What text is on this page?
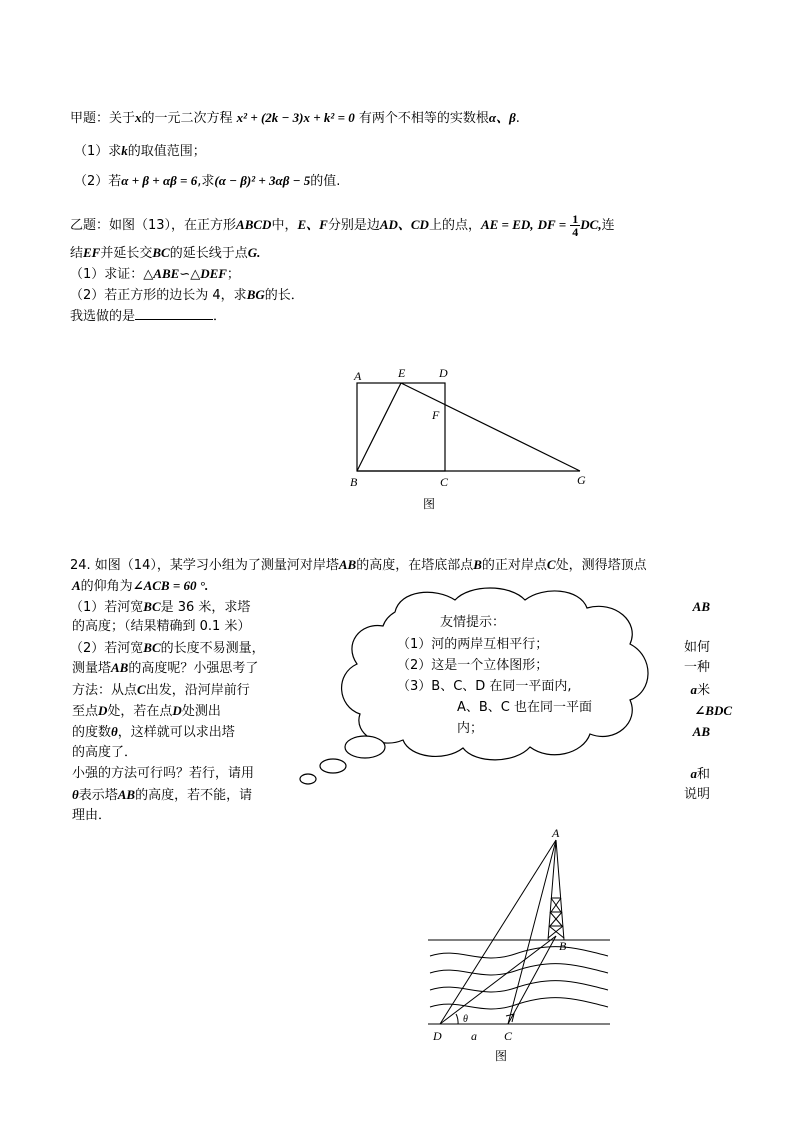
甲题：关于x的一元二次方程 x² + (2k − 3)x + k² = 0 有两个不相等的实数根α、β.
（1）求k的取值范围；
（2）若α + β + αβ = 6,求(α − β)² + 3αβ − 5的值.
乙题：如图（13），在正方形ABCD中，E、F分别是边AD、CD上的点，AE = ED, DF = $\frac{1}{4}$ DC,连
结EF并延长交BC的延长线于点G.
（1）求证：△ABE∽△DEF；
（2）若正方形的边长为 4，求BG的长．
我选做的是	．
A	E	D
F
B	C	G
图
24. 如图（14），某学习小组为了测量河对岸塔AB的高度，在塔底部点B的正对岸点C处，测得塔顶点
A的仰角为∠ACB = 60 °.
（1）若河宽BC是 36 米，求塔
的高度；（结果精确到 0.1 米）
（2）若河宽BC的长度不易测量，
测量塔AB的高度呢？小强思考了
方法：从点C出发，沿河岸前行
至点D处，若在点D处测出
的度数θ，这样就可以求出塔
的高度了．
小强的方法可行吗？若行，请用
θ表示塔AB的高度，若不能，请
理由．
AB
如何
一种
a米
∠BDC
AB
a和
说明
友情提示：
（1）河的两岸互相平行；
（2）这是一个立体图形；
（3）B、C、D 在同一平面内,
A、B、C 也在同一平面
内；
A
B
D	C
a
θ
图
